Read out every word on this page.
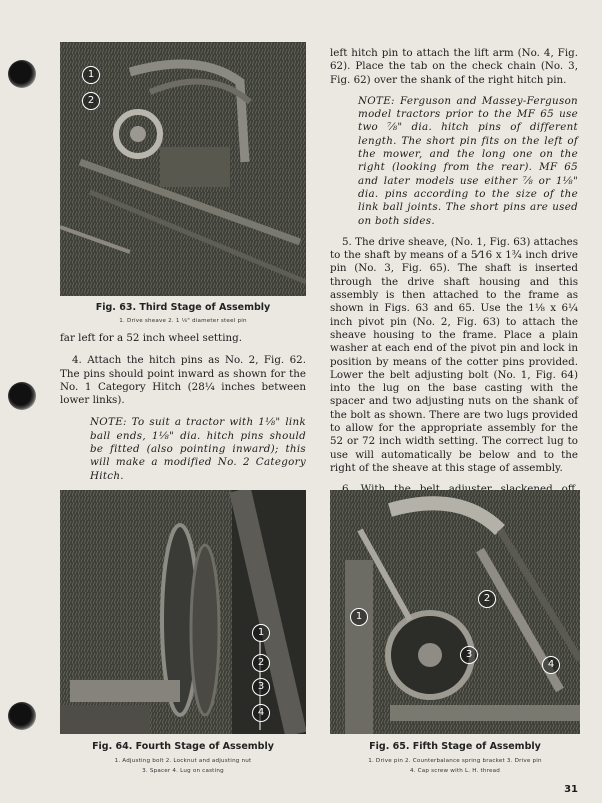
1
2
Fig. 63. Third Stage of Assembly
1. Drive sheave 2. 1 ⅛" diameter steel pin

far left for a 52 inch wheel setting.

4. Attach the hitch pins as No. 2, Fig. 62. The pins should point inward as shown for the No. 1 Category Hitch (28¼ inches between lower links).

NOTE: To suit a tractor with 1⅛" link ball ends, 1⅛" dia. hitch pins should be fitted (also pointing inward); this will make a modified No. 2 Category Hitch.

left hitch pin to attach the lift arm (No. 4, Fig. 62). Place the tab on the check chain (No. 3, Fig. 62) over the shank of the right hitch pin.

NOTE: Ferguson and Massey-Ferguson model tractors prior to the MF 65 use two ⅞" dia. hitch pins of different length. The short pin fits on the left of the mower, and the long one on the right (looking from the rear). MF 65 and later models use either ⅞ or 1⅛" dia. pins according to the size of the link ball joints. The short pins are used on both sides.

5. The drive sheave, (No. 1, Fig. 63) attaches to the shaft by means of a 5⁄16 x 1¾ inch drive pin (No. 3, Fig. 65). The shaft is inserted through the drive shaft housing and this assembly is then attached to the frame as shown in Figs. 63 and 65. Use the 1⅛ x 6¼ inch pivot pin (No. 2, Fig. 63) to attach the sheave housing to the frame. Place a plain washer at each end of the pivot pin and lock in position by means of the cotter pins provided. Lower the belt adjusting bolt (No. 1, Fig. 64) into the lug on the base casting with the spacer and two adjusting nuts on the shank of the bolt as shown. There are two lugs provided to allow for the appropriate assembly for the 52 or 72 inch width setting. The correct lug to use will automatically be below and to the right of the sheave at this stage of assembly.

1
2
3
4
Fig. 64. Fourth Stage of Assembly
1. Adjusting bolt 2. Locknut and adjusting nut
3. Spacer 4. Lug on casting
1
2
3
4
Fig. 65. Fifth Stage of Assembly
1. Drive pin 2. Counterbalance spring bracket 3. Drive pin
4. Cap screw with L. H. thread
31
